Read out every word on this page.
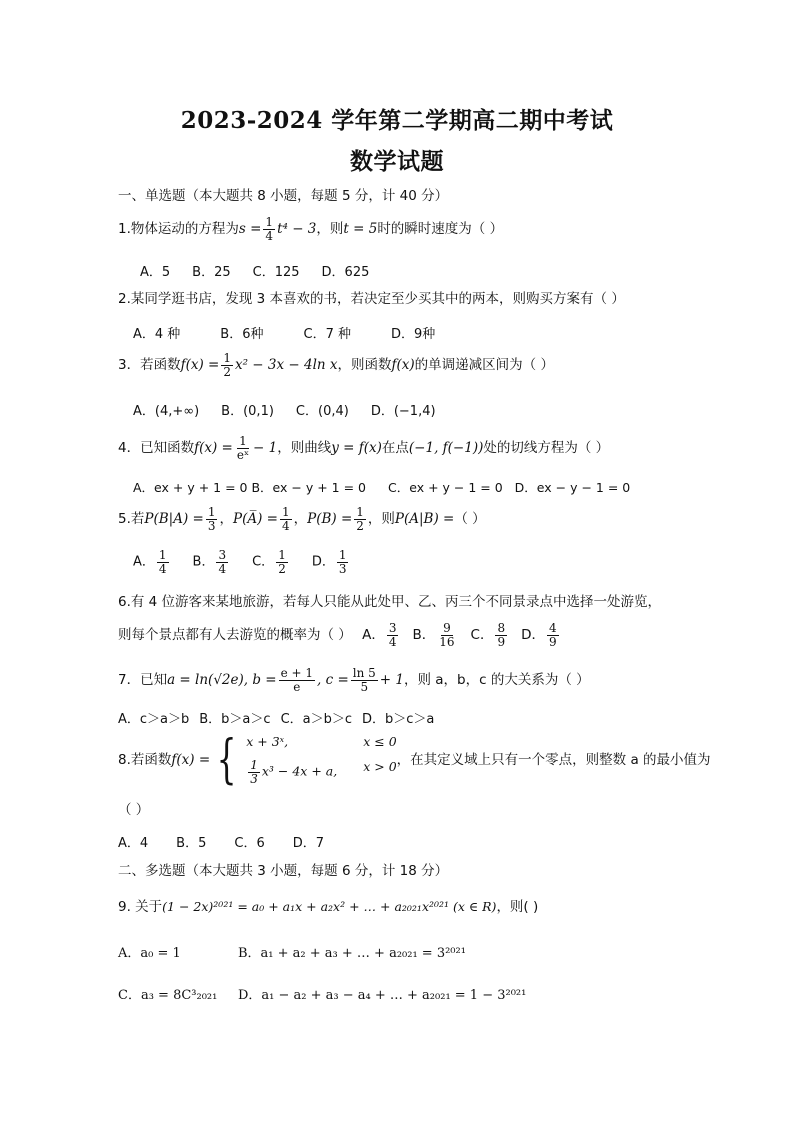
2023-2024 学年第二学期高二期中考试
数学试题
一、单选题（本大题共 8 小题，每题 5 分，计 40 分）
1.物体运动的方程为$s = \frac{1}{4} t^4 - 3$，则t = 5时的瞬时速度为（ ）
A．5 B．25 C．125 D．625
2.某同学逛书店，发现 3 本喜欢的书，若决定至少买其中的两本，则购买方案有（ ）
A．4 种	B．6种	C．7 种	D．9种
3．若函数$f(x) = \frac{1}{2} x^2 - 3x - 4\ln$ x，则函数f(x)的单调递减区间为（ ）
A．(4,+∞) B．(0,1) C．(0,4) D．(−1,4)
4．已知函数$f(x) = \frac{1}{\text{eˣ}} - 1$，则曲线y = f(x)在点(−1, f(−1))处的切线方程为（ ）
A．ex + y + 1 = 0 B．ex − y + 1 = 0 C．ex + y − 1 = 0 D．ex − y − 1 = 0
5.若$P(B|A) = \frac{1}{3}$ ，P(A̅) = $\frac{1}{4}$ ，$P(B) = \frac{1}{2}$ ，则P(A|B) =（ ）
A． $\frac{1}{4}$ B． $\frac{3}{4}$ C． $\frac{1}{2}$ D． $\frac{1}{3}$
6.有 4 位游客来某地旅游，若每人只能从此处甲、乙、丙三个不同景录点中选择一处游览，
则每个景点都有人去游览的概率为（ ） A． $\frac{3}{4}$ B． $\frac{9}{16}$ C． $\frac{8}{9}$ D． $\frac{4}{9}$
7．已知a = ln(√2e), $b = \frac{e + 1}{e}$ , $c = \frac{\ln 5}{5} + 1$，则 a，b，c 的大关系为（ ）
A．c＞a＞b B．b＞a＞c C．a＞b＞c D．b＞c＞a
8.若函数f(x) = { x + 3ˣ,	x ≤ 0
$\frac{1}{3} x^3 - 4x + a$, x > 0 ，在其定义域上只有一个零点，则整数 a 的最小值为
（ ）
A．4 B．5 C．6 D．7
二、多选题（本大题共 3 小题，每题 6 分，计 18 分）
9. 关于(1 − 2x)²⁰²¹ = a₀ + a₁x + a₂x² + … + a₂₀₂₁x²⁰²¹ (x ∈ R)，则( )
A．a₀ = 1	B．a₁ + a₂ + a₃ + … + a₂₀₂₁ = 3²⁰²¹
C．a₃ = 8C³₂₀₂₁ D．a₁ − a₂ + a₃ − a₄ + … + a₂₀₂₁ = 1 − 3²⁰²¹
